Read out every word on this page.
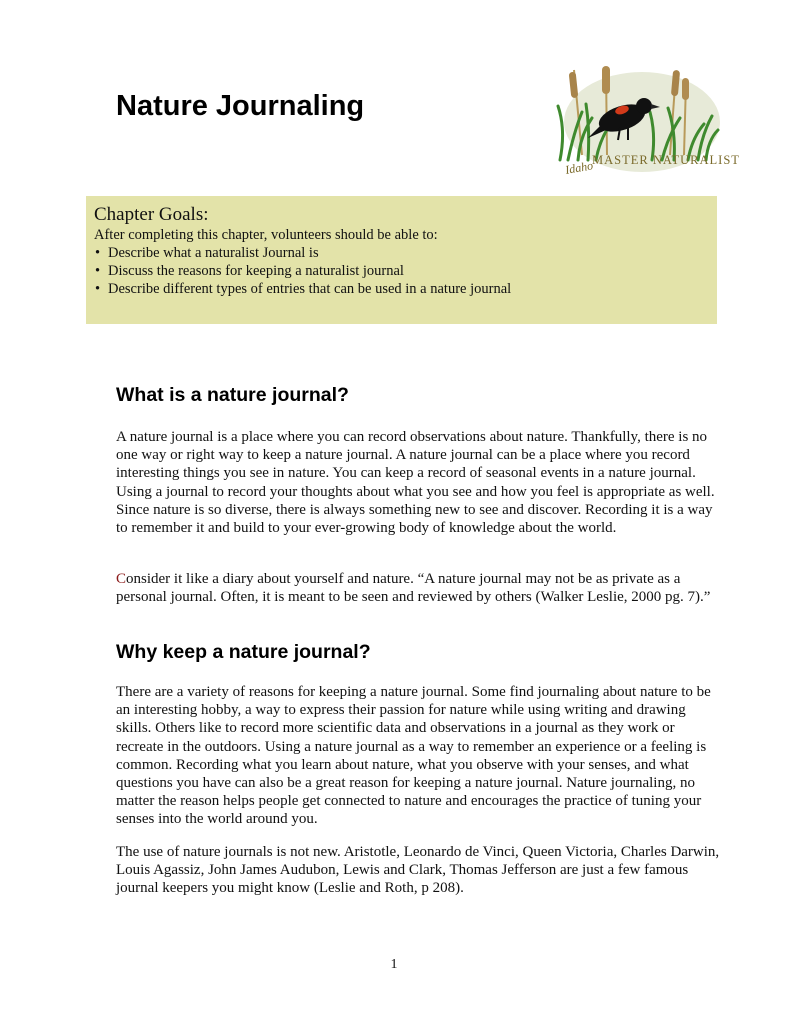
Nature Journaling
MASTER NATURALIST
Idaho
Chapter Goals:
After completing this chapter, volunteers should be able to:
• Describe what a naturalist Journal is
• Discuss the reasons for keeping a naturalist journal
• Describe different types of entries that can be used in a nature journal
What is a nature journal?

A nature journal is a place where you can record observations about nature. Thankfully, there is no one way or right way to keep a nature journal. A nature journal can be a place where you record interesting things you see in nature. You can keep a record of seasonal events in a nature journal. Using a journal to record your thoughts about what you see and how you feel is appropriate as well. Since nature is so diverse, there is always something new to see and discover. Recording it is a way to remember it and build to your ever-growing body of knowledge about the world.

Consider it like a diary about yourself and nature. “A nature journal may not be as private as a personal journal. Often, it is meant to be seen and reviewed by others (Walker Leslie, 2000 pg. 7).”

Why keep a nature journal?

There are a variety of reasons for keeping a nature journal. Some find journaling about nature to be an interesting hobby, a way to express their passion for nature while using writing and drawing skills. Others like to record more scientific data and observations in a journal as they work or recreate in the outdoors. Using a nature journal as a way to remember an experience or a feeling is common. Recording what you learn about nature, what you observe with your senses, and what questions you have can also be a great reason for keeping a nature journal. Nature journaling, no matter the reason helps people get connected to nature and encourages the practice of tuning your senses into the world around you.

The use of nature journals is not new. Aristotle, Leonardo de Vinci, Queen Victoria, Charles Darwin, Louis Agassiz, John James Audubon, Lewis and Clark, Thomas Jefferson are just a few famous journal keepers you might know (Leslie and Roth, p 208).

1
